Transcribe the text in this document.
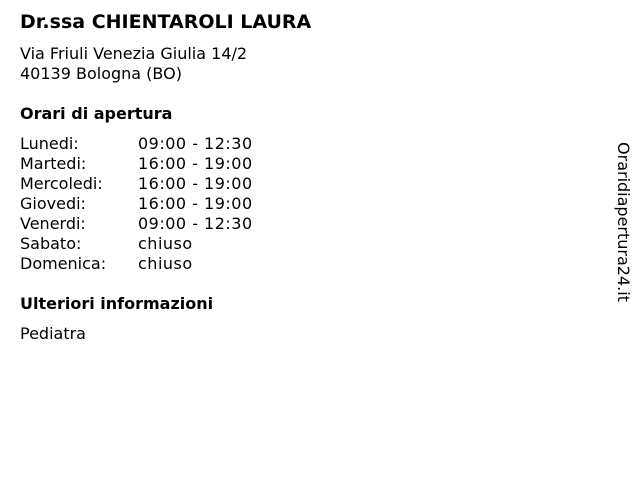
Dr.ssa CHIENTAROLI LAURA
Via Friuli Venezia Giulia 14/2
40139 Bologna (BO)
Orari di apertura
Lunedi:	09:00 - 12:30
Martedi:	16:00 - 19:00
Mercoledi:	16:00 - 19:00
Giovedi:	16:00 - 19:00
Venerdi:	09:00 - 12:30
Sabato:	chiuso
Domenica:	chiuso
Ulteriori informazioni
Pediatra
Oraridiapertura24.it
